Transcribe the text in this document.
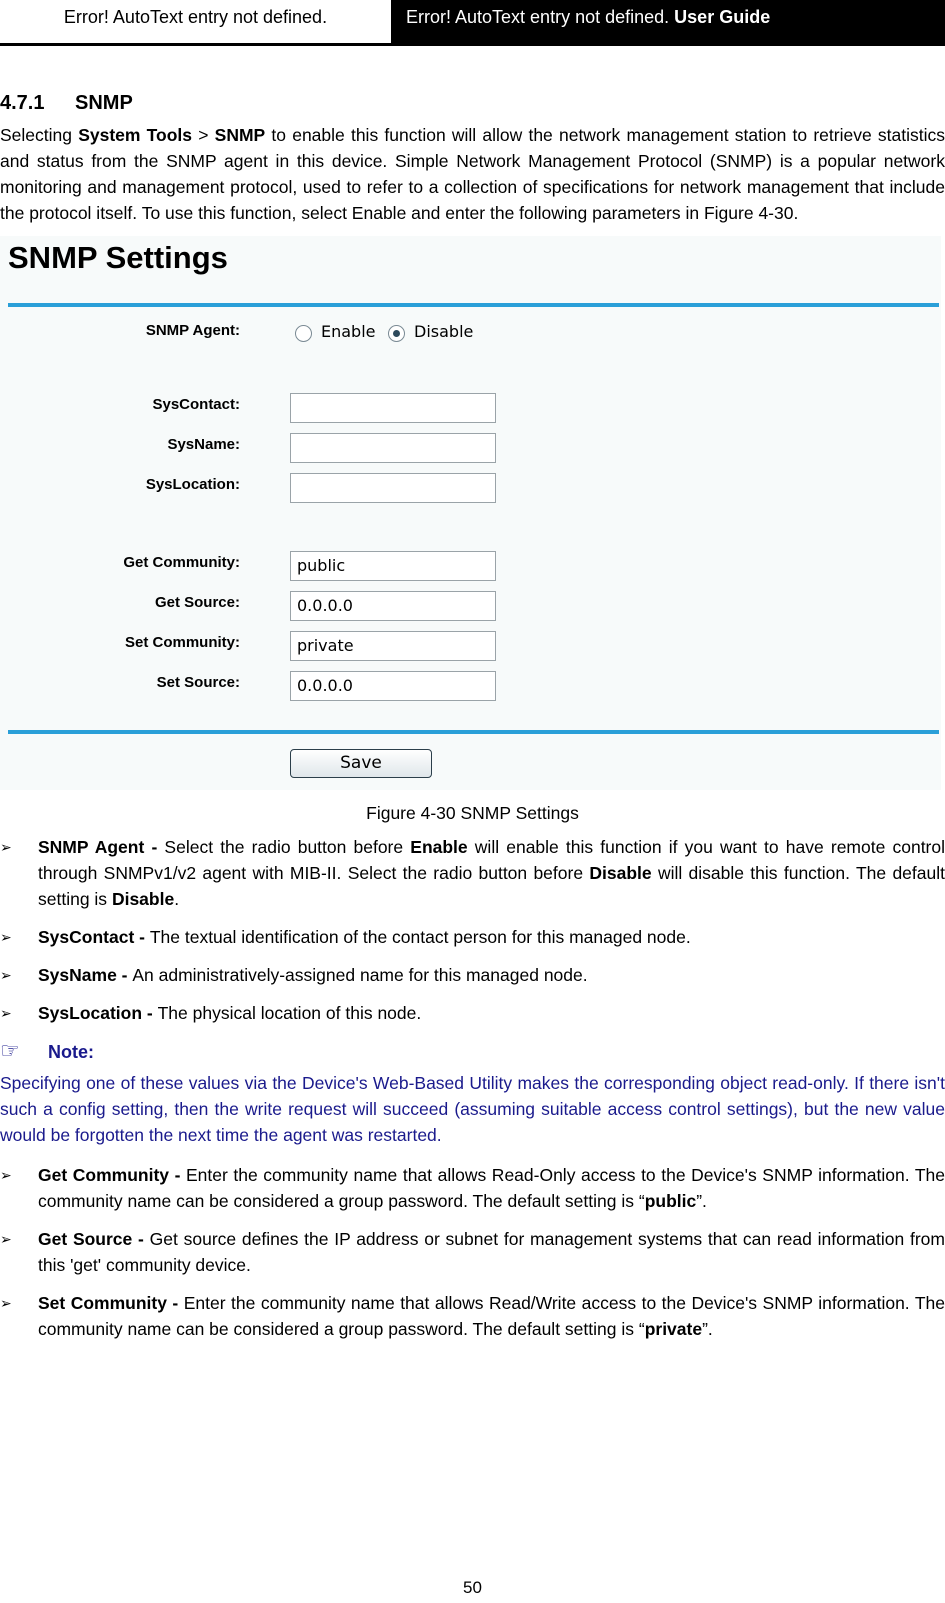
Error! AutoText entry not defined.	Error! AutoText entry not defined. User Guide
4.7.1 SNMP

Selecting System Tools > SNMP to enable this function will allow the network management station to retrieve statistics and status from the SNMP agent in this device. Simple Network Management Protocol (SNMP) is a popular network monitoring and management protocol, used to refer to a collection of specifications for network management that include the protocol itself. To use this function, select Enable and enter the following parameters in Figure 4-30.

SNMP Settings
SNMP Agent:	Enable Disable
SysContact:
SysName:
SysLocation:
Get Community:	public
Get Source:	0.0.0.0
Set Community:	private
Set Source:	0.0.0.0
Save
Figure 4-30 SNMP Settings
➢ SNMP Agent - Select the radio button before Enable will enable this function if you want to have remote control through SNMPv1/v2 agent with MIB-II. Select the radio button before Disable will disable this function. The default setting is Disable.
➢ SysContact - The textual identification of the contact person for this managed node.
➢ SysName - An administratively-assigned name for this managed node.
➢ SysLocation - The physical location of this node.
☞ Note:
Specifying one of these values via the Device's Web-Based Utility makes the corresponding object read-only. If there isn't such a config setting, then the write request will succeed (assuming suitable access control settings), but the new value would be forgotten the next time the agent was restarted.
➢ Get Community - Enter the community name that allows Read-Only access to the Device's SNMP information. The community name can be considered a group password. The default setting is “public”.
➢ Get Source - Get source defines the IP address or subnet for management systems that can read information from this 'get' community device.
➢ Set Community - Enter the community name that allows Read/Write access to the Device's SNMP information. The community name can be considered a group password. The default setting is “private”.
50
